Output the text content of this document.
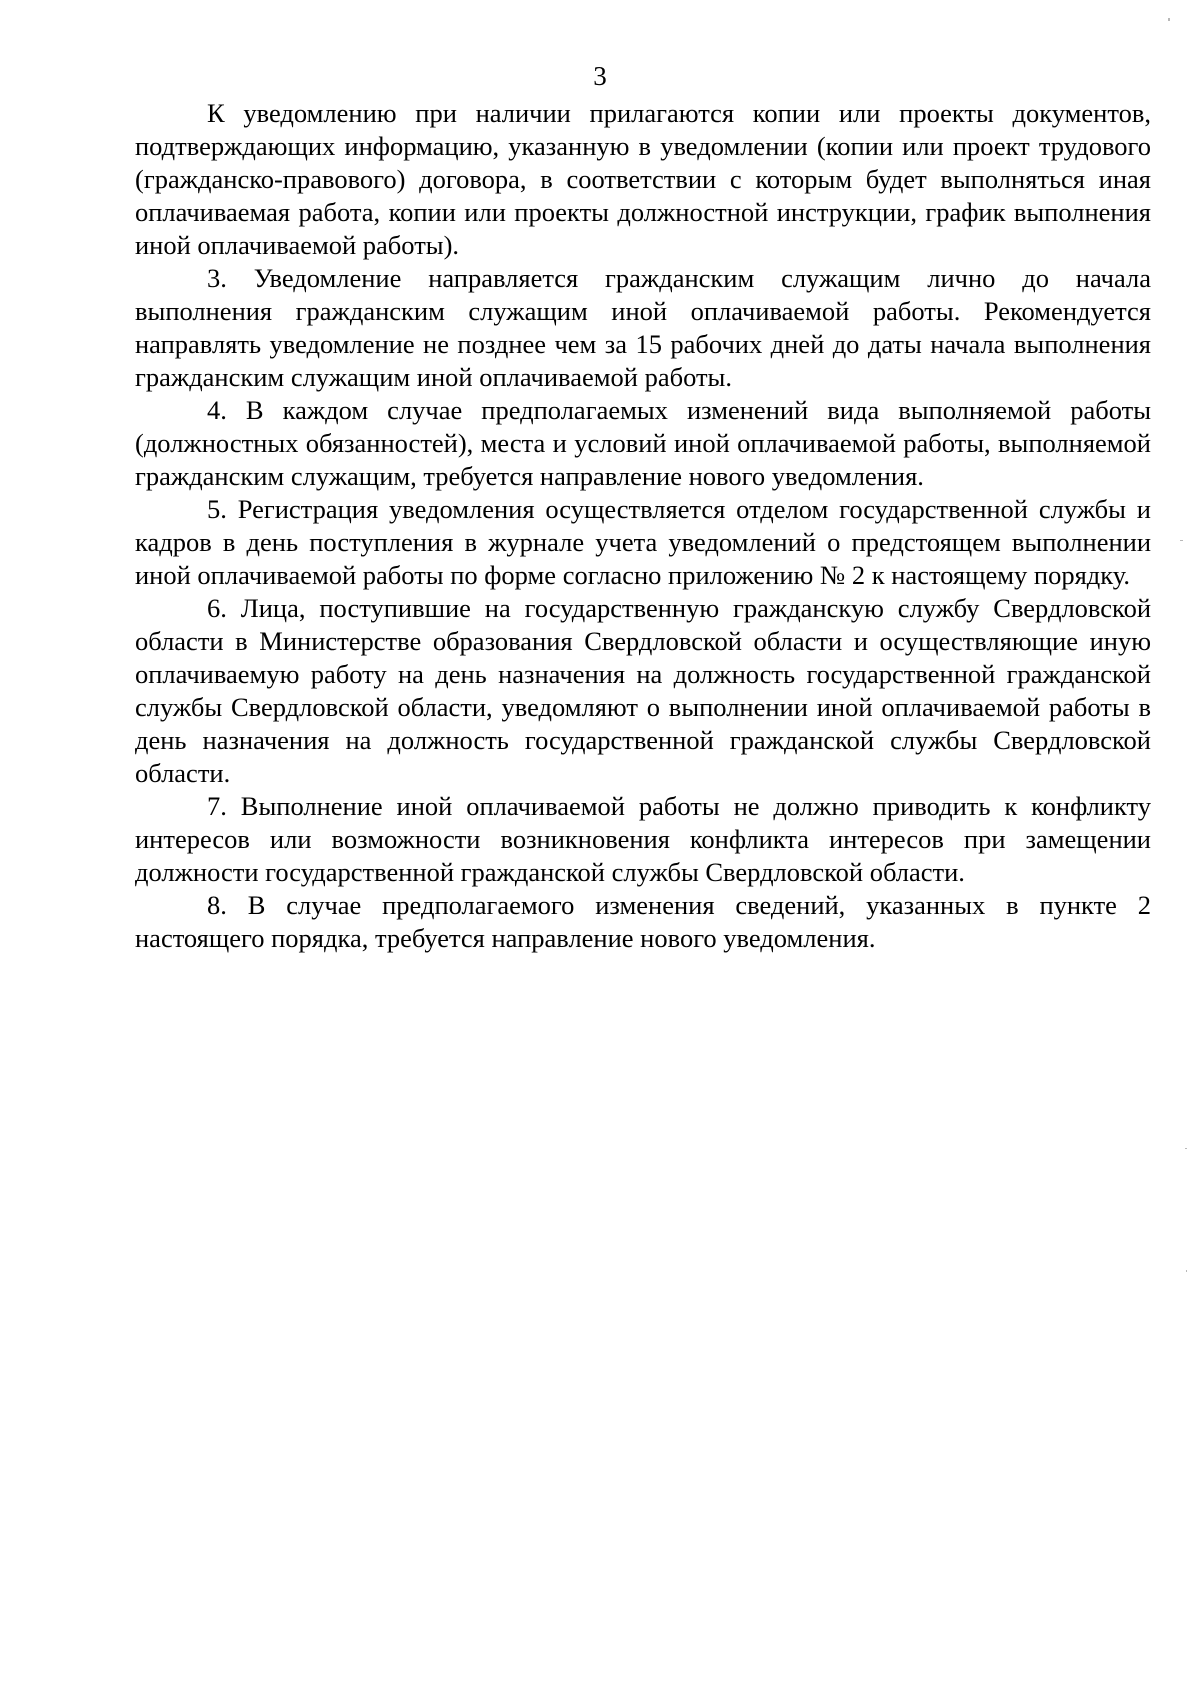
3

К уведомлению при наличии прилагаются копии или проекты документов, подтверждающих информацию, указанную в уведомлении (копии или проект трудового (гражданско-правового) договора, в соответствии с которым будет выполняться иная оплачиваемая работа, копии или проекты должностной инструкции, график выполнения иной оплачиваемой работы).

3. Уведомление направляется гражданским служащим лично до начала выполнения гражданским служащим иной оплачиваемой работы. Рекомендуется направлять уведомление не позднее чем за 15 рабочих дней до даты начала выполнения гражданским служащим иной оплачиваемой работы.

4. В каждом случае предполагаемых изменений вида выполняемой работы (должностных обязанностей), места и условий иной оплачиваемой работы, выполняемой гражданским служащим, требуется направление нового уведомления.

5. Регистрация уведомления осуществляется отделом государственной службы и кадров в день поступления в журнале учета уведомлений о предстоящем выполнении иной оплачиваемой работы по форме согласно приложению № 2 к настоящему порядку.

6. Лица, поступившие на государственную гражданскую службу Свердловской области в Министерстве образования Свердловской области и осуществляющие иную оплачиваемую работу на день назначения на должность государственной гражданской службы Свердловской области, уведомляют о выполнении иной оплачиваемой работы в день назначения на должность государственной гражданской службы Свердловской области.

7. Выполнение иной оплачиваемой работы не должно приводить к конфликту интересов или возможности возникновения конфликта интересов при замещении должности государственной гражданской службы Свердловской области.

8. В случае предполагаемого изменения сведений, указанных в пункте 2 настоящего порядка, требуется направление нового уведомления.
